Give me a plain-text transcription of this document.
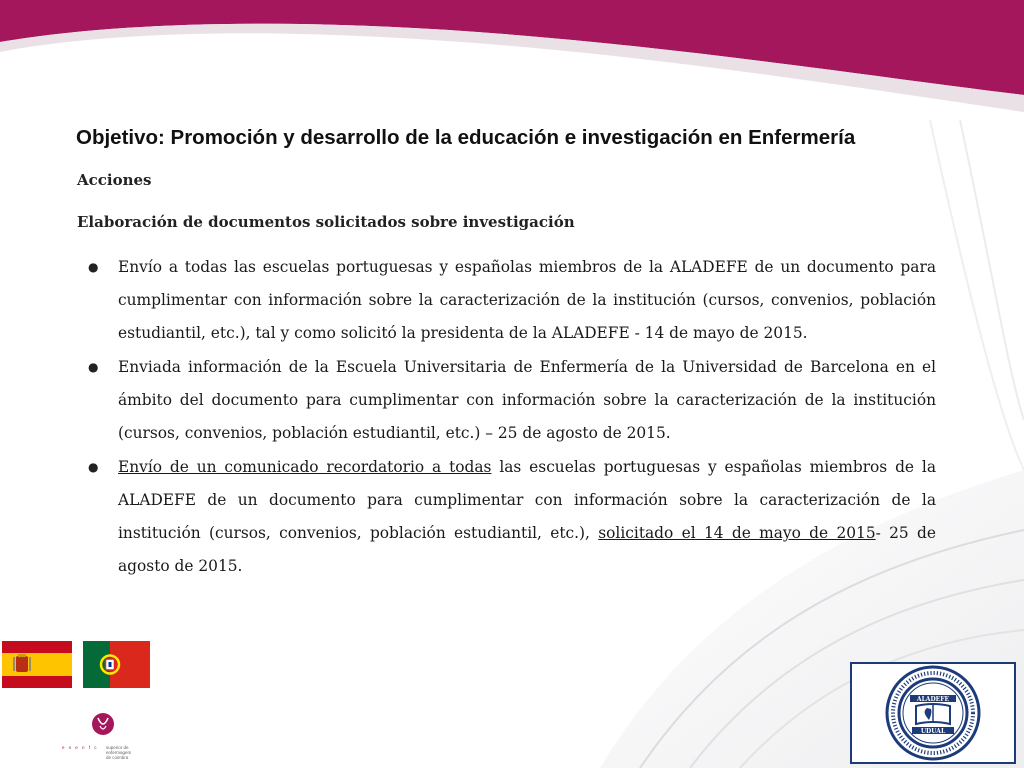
Objetivo: Promoción y desarrollo de la educación e investigación en Enfermería
Acciones
Elaboración de documentos solicitados sobre investigación
● Envío a todas las escuelas portuguesas y españolas miembros de la ALADEFE de un documento para cumplimentar con información sobre la caracterización de la institución (cursos, convenios, población estudiantil, etc.), tal y como solicitó la presidenta de la ALADEFE - 14 de mayo de 2015.
● Enviada información de la Escuela Universitaria de Enfermería de la Universidad de Barcelona en el ámbito del documento para cumplimentar con información sobre la caracterización de la institución (cursos, convenios, población estudiantil, etc.) – 25 de agosto de 2015.
● Envío de un comunicado recordatorio a todas las escuelas portuguesas y españolas miembros de la ALADEFE de un documento para cumplimentar con información sobre la caracterización de la institución (cursos, convenios, población estudiantil, etc.), solicitado el 14 de mayo de 2015- 25 de agosto de 2015.
e s e n f c superior de
enfermagem
de coimbra
ALADEFE
UDUAL
